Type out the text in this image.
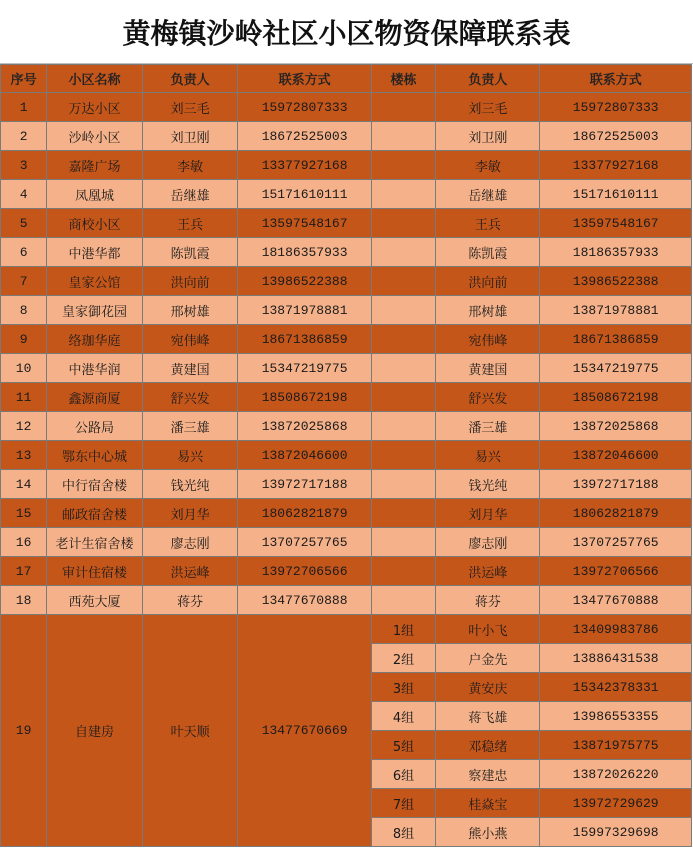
黄梅镇沙岭社区小区物资保障联系表
序号	小区名称	负责人	联系方式	楼栋	负责人	联系方式
1	万达小区	刘三毛	15972807333		刘三毛	15972807333
2	沙岭小区	刘卫刚	18672525003		刘卫刚	18672525003
3	嘉隆广场	李敏	13377927168		李敏	13377927168
4	凤凰城	岳继雄	15171610111		岳继雄	15171610111
5	商校小区	王兵	13597548167		王兵	13597548167
6	中港华都	陈凯霞	18186357933		陈凯霞	18186357933
7	皇家公馆	洪向前	13986522388		洪向前	13986522388
8	皇家御花园	邢树雄	13871978881		邢树雄	13871978881
9	络珈华庭	宛伟峰	18671386859		宛伟峰	18671386859
10	中港华润	黄建国	15347219775		黄建国	15347219775
11	鑫源商厦	舒兴发	18508672198		舒兴发	18508672198
12	公路局	潘三雄	13872025868		潘三雄	13872025868
13	鄂东中心城	易兴	13872046600		易兴	13872046600
14	中行宿舍楼	钱光纯	13972717188		钱光纯	13972717188
15	邮政宿舍楼	刘月华	18062821879		刘月华	18062821879
16	老计生宿舍楼	廖志刚	13707257765		廖志刚	13707257765
17	审计住宿楼	洪运峰	13972706566		洪运峰	13972706566
18	西苑大厦	蒋芬	13477670888		蒋芬	13477670888
19	自建房	叶天顺	13477670669	1组	叶小飞	13409983786
				2组	户金先	13886431538
				3组	黄安庆	15342378331
				4组	蒋飞雄	13986553355
				5组	邓稳绪	13871975775
				6组	察建忠	13872026220
				7组	桂焱宝	13972729629
				8组	熊小燕	15997329698
